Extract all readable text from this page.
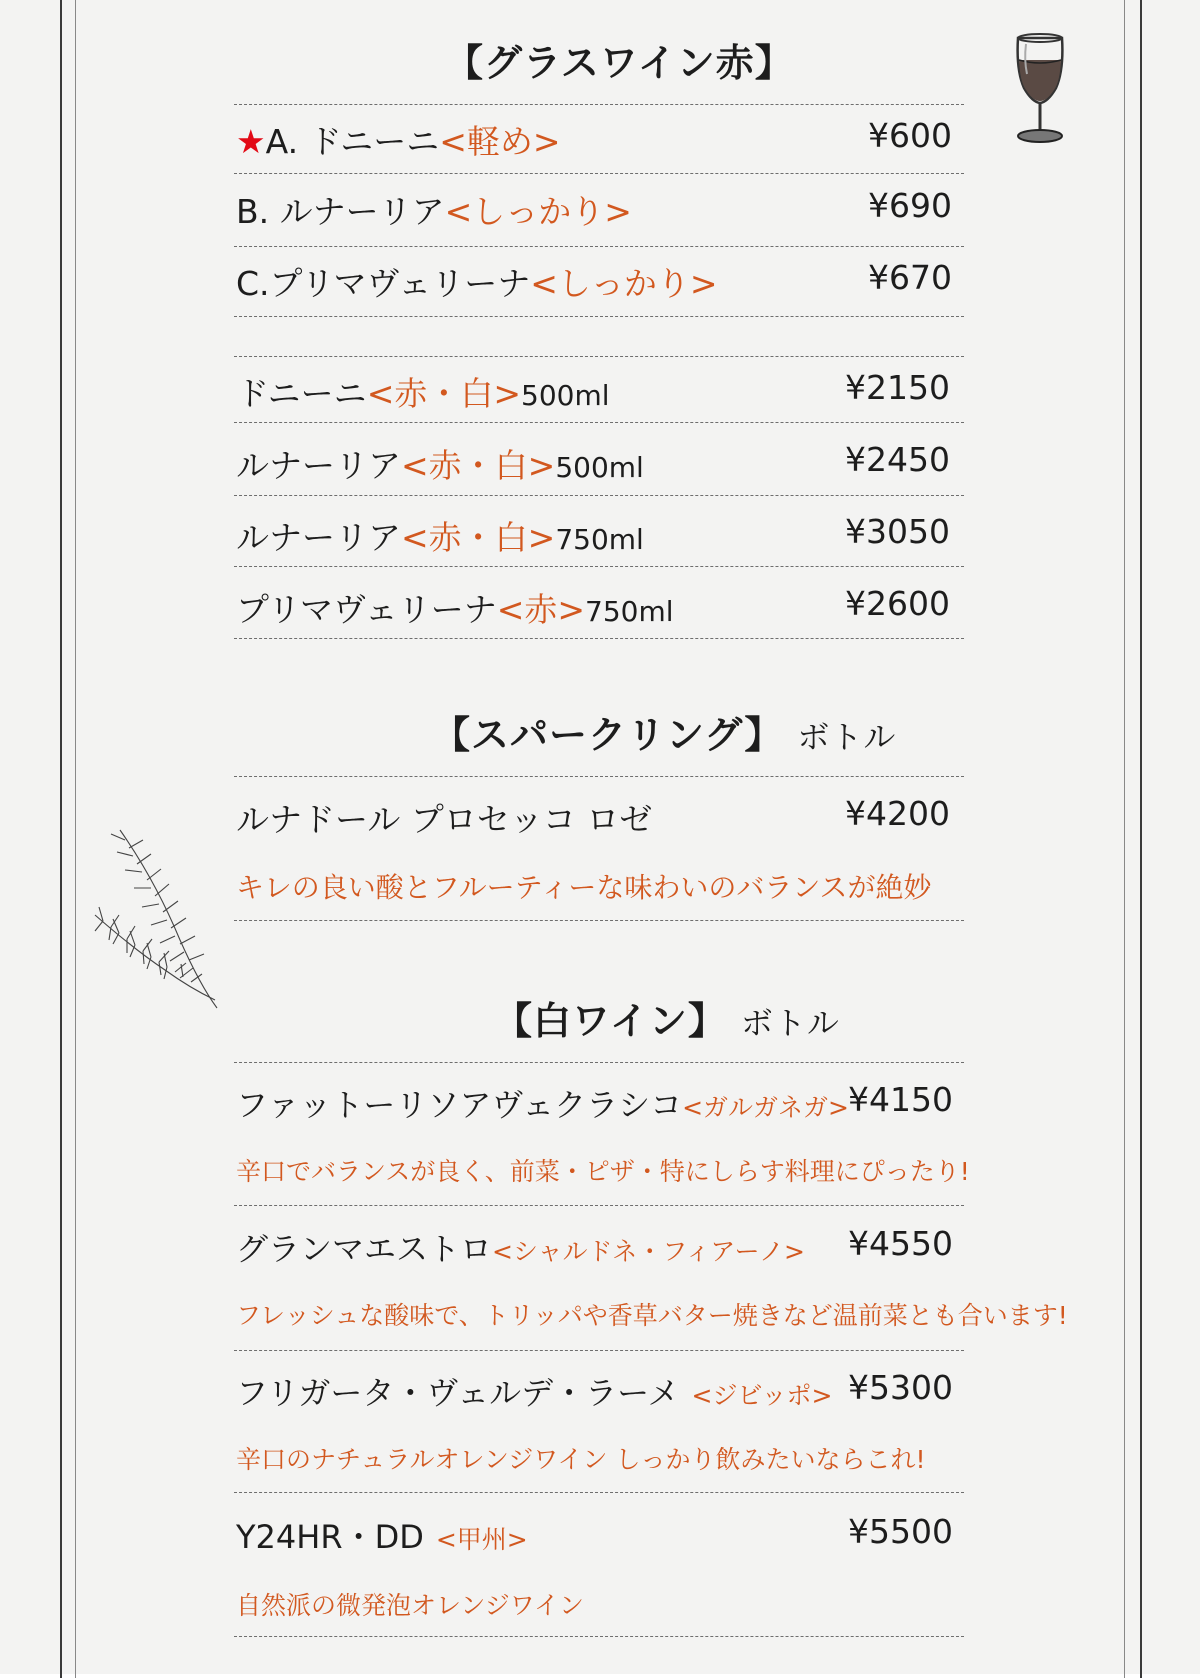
【グラスワイン赤】
★A. ドニーニ<軽め>	¥600
B. ルナーリア<しっかり>	¥690
C.プリマヴェリーナ<しっかり>	¥670
ドニーニ<赤・白>500ml	¥2150
ルナーリア<赤・白>500ml	¥2450
ルナーリア<赤・白>750ml	¥3050
プリマヴェリーナ<赤>750ml	¥2600
【スパークリング】 ボトル
ルナドール プロセッコ ロゼ	¥4200
キレの良い酸とフルーティーな味わいのバランスが絶妙
【白ワイン】 ボトル
ファットーリソアヴェクラシコ<ガルガネガ> ¥4150
辛口でバランスが良く、前菜・ピザ・特にしらす料理にぴったり!
グランマエストロ<シャルドネ・フィアーノ> ¥4550
フレッシュな酸味で、トリッパや香草バター焼きなど温前菜とも合います!
フリガータ・ヴェルデ・ラーメ <ジビッポ> ¥5300
辛口のナチュラルオレンジワイン しっかり飲みたいならこれ!
Y24HR・DD <甲州>	¥5500
自然派の微発泡オレンジワイン
